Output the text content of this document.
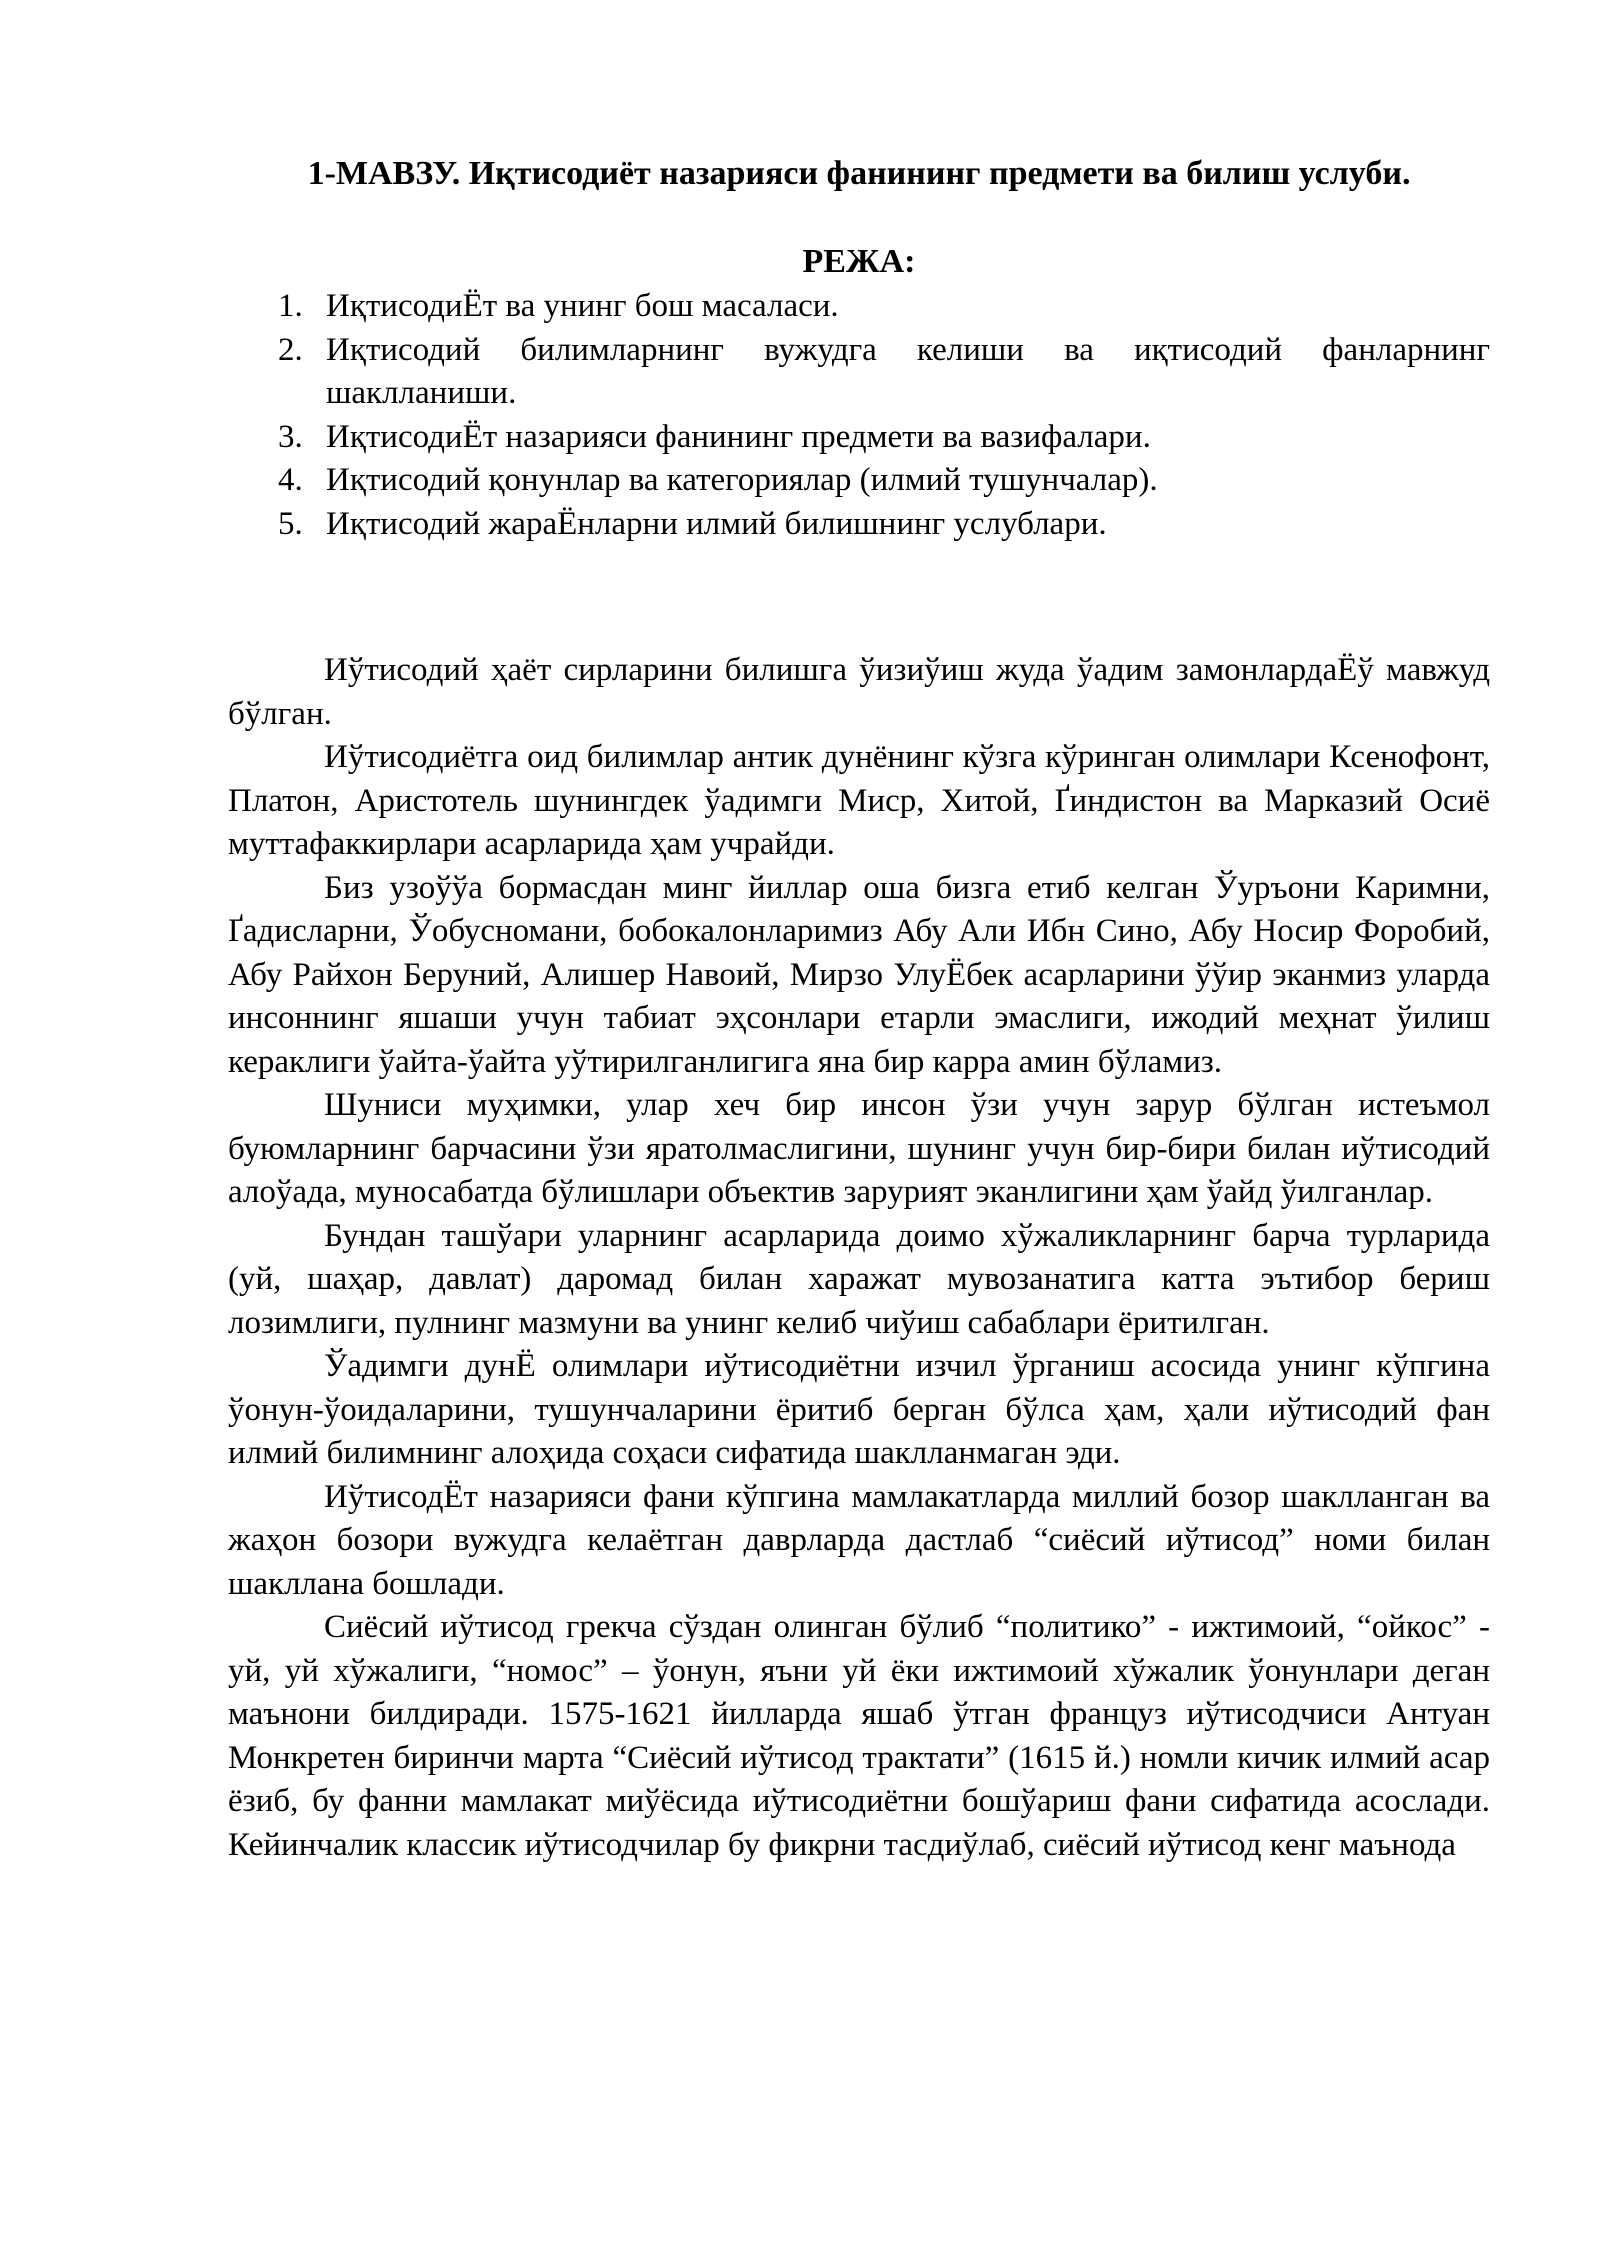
1-МАВЗУ. Иқтисодиёт назарияси фанининг предмети ва билиш услуби.
РЕЖА:
1. ИқтисодиЁт ва унинг бош масаласи.
2. Иқтисодий билимларнинг вужудга келиши ва иқтисодий фанларнинг шаклланиши.
3. ИқтисодиЁт назарияси фанининг предмети ва вазифалари.
4. Иқтисодий қонунлар ва категориялар (илмий тушунчалар).
5. Иқтисодий жараЁнларни илмий билишнинг услублари.

Иўтисодий ҳаёт сирларини билишга ўизиўиш жуда ўадим замонлардаЁў мавжуд бўлган.

Иўтисодиётга оид билимлар антик дунёнинг кўзга кўринган олимлари Ксенофонт, Платон, Аристотель шунингдек ўадимги Миср, Хитой, Ґиндистон ва Марказий Осиё муттафаккирлари асарларида ҳам учрайди.

Биз узоўўа бормасдан минг йиллар оша бизга етиб келган Ўуръони Каримни, Ґадисларни, Ўобусномани, бобокалонларимиз Абу Али Ибн Сино, Абу Носир Форобий, Абу Райхон Беруний, Алишер Навоий, Мирзо УлуЁбек асарларини ўўир эканмиз уларда инсоннинг яшаши учун табиат эҳсонлари етарли эмаслиги, ижодий меҳнат ўилиш кераклиги ўайта-ўайта уўтирилганлигига яна бир карра амин бўламиз.

Шуниси муҳимки, улар хеч бир инсон ўзи учун зарур бўлган истеъмол буюмларнинг барчасини ўзи яратолмаслигини, шунинг учун бир-бири билан иўтисодий алоўада, муносабатда бўлишлари объектив зарурият эканлигини ҳам ўайд ўилганлар.

Бундан ташўари уларнинг асарларида доимо хўжаликларнинг барча турларида (уй, шаҳар, давлат) даромад билан харажат мувозанатига катта эътибор бериш лозимлиги, пулнинг мазмуни ва унинг келиб чиўиш сабаблари ёритилган.

Ўадимги дунЁ олимлари иўтисодиётни изчил ўрганиш асосида унинг кўпгина ўонун-ўоидаларини, тушунчаларини ёритиб берган бўлса ҳам, ҳали иўтисодий фан илмий билимнинг алоҳида соҳаси сифатида шаклланмаган эди.

ИўтисодЁт назарияси фани кўпгина мамлакатларда миллий бозор шаклланган ва жаҳон бозори вужудга келаётган даврларда дастлаб “сиёсий иўтисод” номи билан шакллана бошлади.

Сиёсий иўтисод грекча сўздан олинган бўлиб “политико” - ижтимоий, “ойкос” - уй, уй хўжалиги, “номос” – ўонун, яъни уй ёки ижтимоий хўжалик ўонунлари деган маънони билдиради. 1575-1621 йилларда яшаб ўтган француз иўтисодчиси Антуан Монкретен биринчи марта “Сиёсий иўтисод трактати” (1615 й.) номли кичик илмий асар ёзиб, бу фанни мамлакат миўёсида иўтисодиётни бошўариш фани сифатида асослади. Кейинчалик классик иўтисодчилар бу фикрни тасдиўлаб, сиёсий иўтисод кенг маънода
